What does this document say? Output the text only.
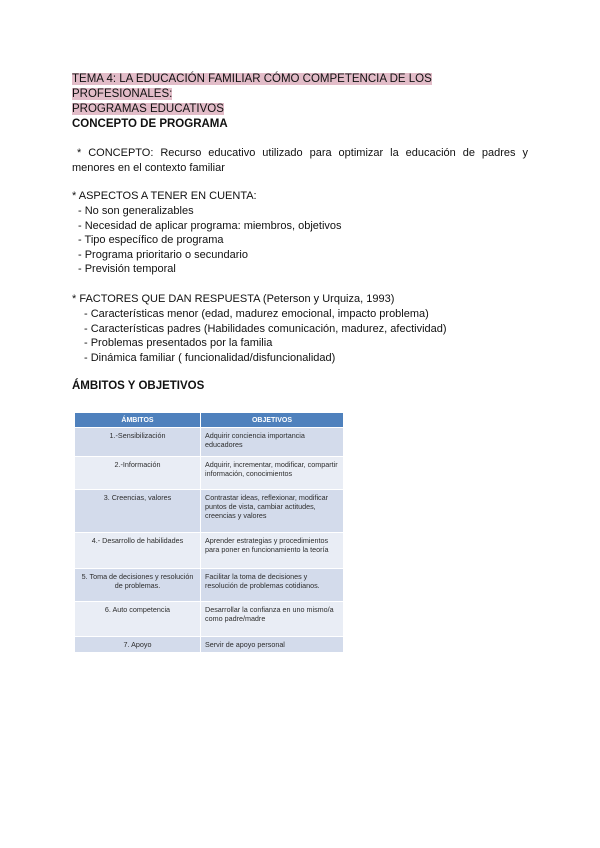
TEMA 4: LA EDUCACIÓN FAMILIAR CÓMO COMPETENCIA DE LOS PROFESIONALES:
PROGRAMAS EDUCATIVOS
CONCEPTO DE PROGRAMA
* CONCEPTO: Recurso educativo utilizado para optimizar la educación de padres y
menores en el contexto familiar
* ASPECTOS A TENER EN CUENTA:
- No son generalizables
- Necesidad de aplicar programa: miembros, objetivos
- Tipo específico de programa
- Programa prioritario o secundario
- Previsión temporal
* FACTORES QUE DAN RESPUESTA (Peterson y Urquiza, 1993)
- Características menor (edad, madurez emocional, impacto problema)
- Características padres (Habilidades comunicación, madurez, afectividad)
- Problemas presentados por la familia
- Dinámica familiar ( funcionalidad/disfuncionalidad)
ÁMBITOS Y OBJETIVOS
ÁMBITOS	OBJETIVOS
1.-Sensibilización	Adquirir conciencia importancia educadores
2.-Información	Adquirir, incrementar, modificar, compartir información, conocimientos
3. Creencias, valores	Contrastar ideas, reflexionar, modificar puntos de vista, cambiar actitudes, creencias y valores
4.- Desarrollo de habilidades	Aprender estrategias y procedimientos para poner en funcionamiento la teoría
5. Toma de decisiones y resolución de problemas.	Facilitar la toma de decisiones y resolución de problemas cotidianos.
6. Auto competencia	Desarrollar la confianza en uno mismo/a como padre/madre
7. Apoyo	Servir de apoyo personal
